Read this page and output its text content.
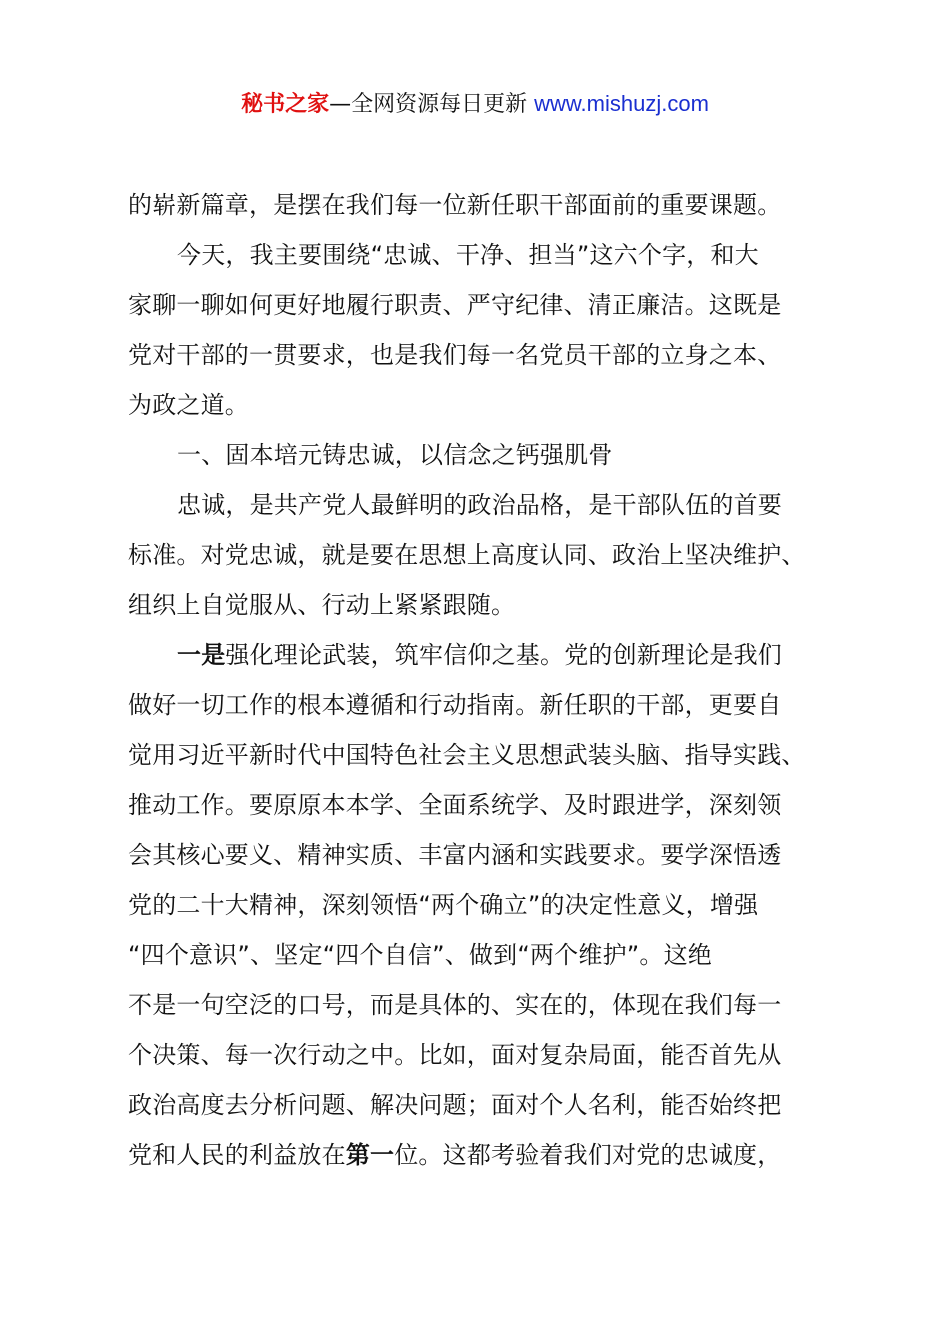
秘书之家—全网资源每日更新 www.mishuzj.com
的崭新篇章，是摆在我们每一位新任职干部面前的重要课题。
今天，我主要围绕“忠诚、干净、担当”这六个字，和大
家聊一聊如何更好地履行职责、严守纪律、清正廉洁。这既是
党对干部的一贯要求，也是我们每一名党员干部的立身之本、
为政之道。
一、固本培元铸忠诚，以信念之钙强肌骨
忠诚，是共产党人最鲜明的政治品格，是干部队伍的首要
标准。对党忠诚，就是要在思想上高度认同、政治上坚决维护、
组织上自觉服从、行动上紧紧跟随。
一是强化理论武装，筑牢信仰之基。党的创新理论是我们
做好一切工作的根本遵循和行动指南。新任职的干部，更要自
觉用习近平新时代中国特色社会主义思想武装头脑、指导实践、
推动工作。要原原本本学、全面系统学、及时跟进学，深刻领
会其核心要义、精神实质、丰富内涵和实践要求。要学深悟透
党的二十大精神，深刻领悟“两个确立”的决定性意义，增强
“四个意识”、坚定“四个自信”、做到“两个维护”。这绝
不是一句空泛的口号，而是具体的、实在的，体现在我们每一
个决策、每一次行动之中。比如，面对复杂局面，能否首先从
政治高度去分析问题、解决问题；面对个人名利，能否始终把
党和人民的利益放在第一位。这都考验着我们对党的忠诚度，
